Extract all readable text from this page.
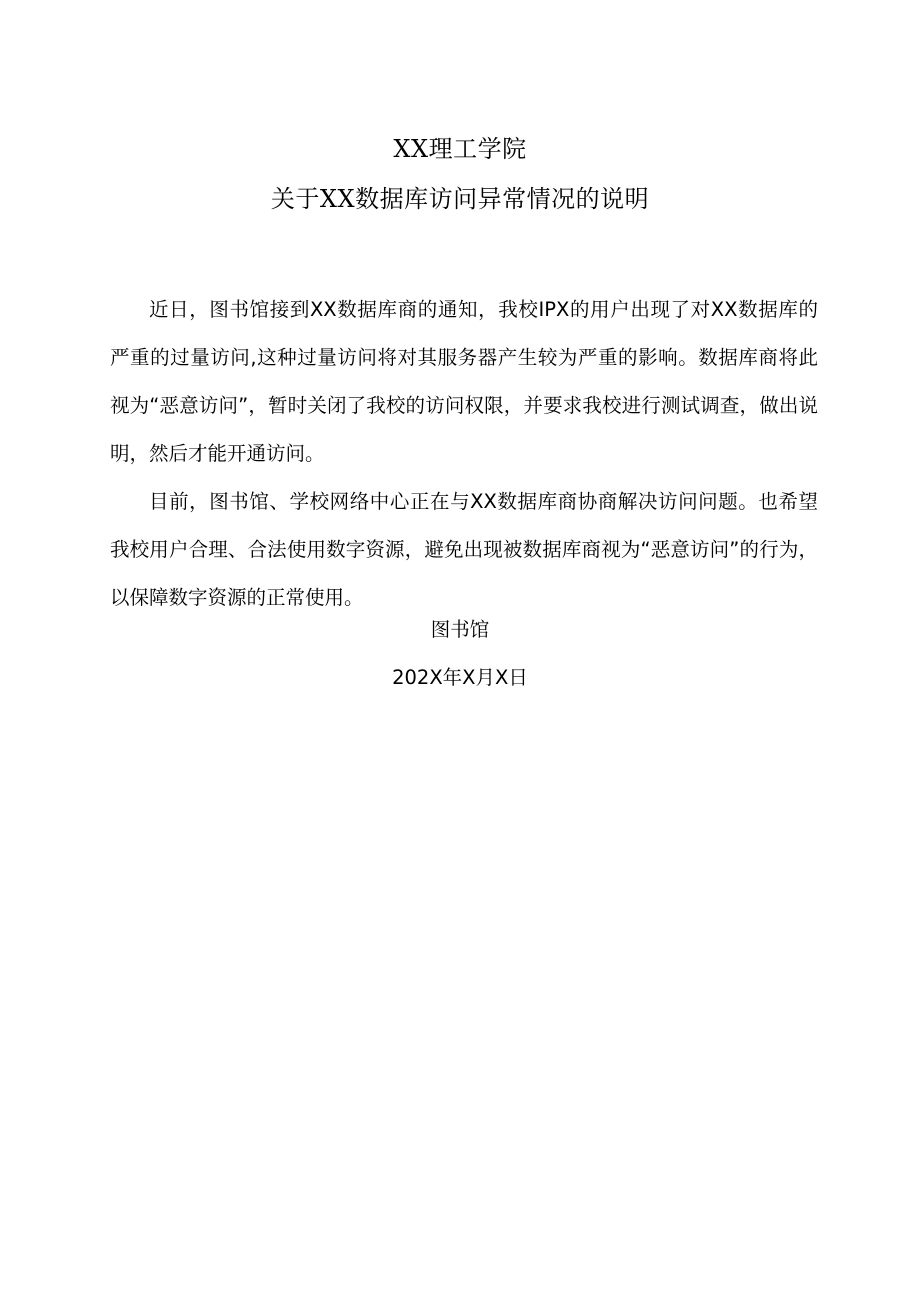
XX理工学院
关于XX数据库访问异常情况的说明

近日，图书馆接到XX数据库商的通知，我校IPX的用户出现了对XX数据库的严重的过量访问,这种过量访问将对其服务器产生较为严重的影响。数据库商将此视为“恶意访问”，暂时关闭了我校的访问权限，并要求我校进行测试调查，做出说明，然后才能开通访问。

目前，图书馆、学校网络中心正在与XX数据库商协商解决访问问题。也希望我校用户合理、合法使用数字资源，避免出现被数据库商视为“恶意访问”的行为，以保障数字资源的正常使用。

图书馆
202X年X月X日
